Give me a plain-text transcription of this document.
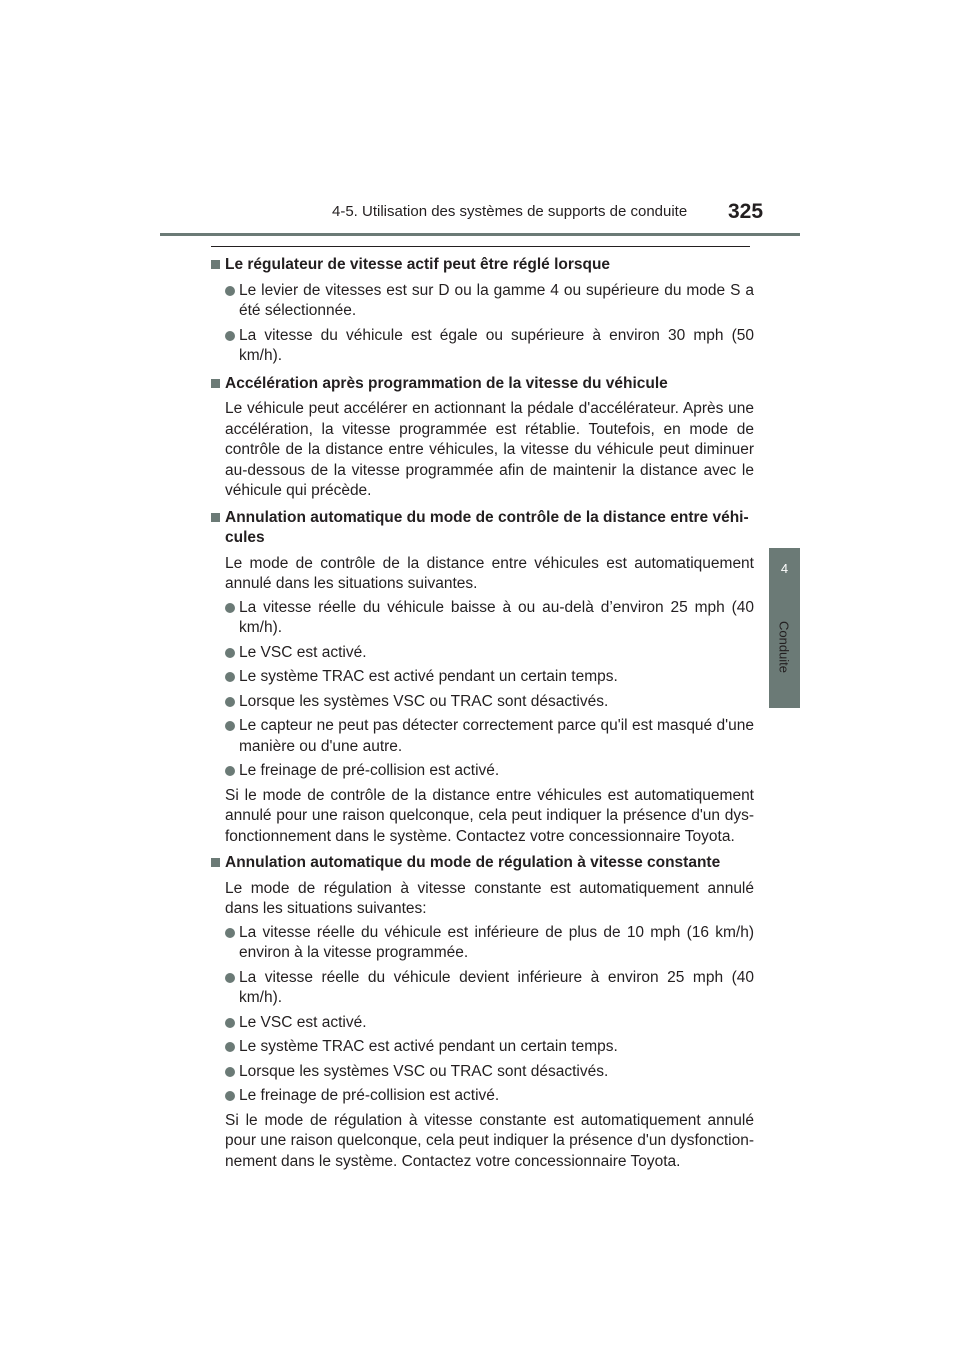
4-5. Utilisation des systèmes de supports de conduite 325
4
Conduite
Le régulateur de vitesse actif peut être réglé lorsque
Le levier de vitesses est sur D ou la gamme 4 ou supérieure du mode S a été sélectionnée.
La vitesse du véhicule est égale ou supérieure à environ 30 mph (50 km/h).
Accélération après programmation de la vitesse du véhicule
Le véhicule peut accélérer en actionnant la pédale d'accélérateur. Après une accélération, la vitesse programmée est rétablie. Toutefois, en mode de contrôle de la distance entre véhicules, la vitesse du véhicule peut diminuer au-dessous de la vitesse programmée afin de maintenir la distance avec le véhicule qui précède.
Annulation automatique du mode de contrôle de la distance entre véhi- cules
Le mode de contrôle de la distance entre véhicules est automatiquement annulé dans les situations suivantes.
La vitesse réelle du véhicule baisse à ou au-delà d’environ 25 mph (40 km/h).
Le VSC est activé.
Le système TRAC est activé pendant un certain temps.
Lorsque les systèmes VSC ou TRAC sont désactivés.
Le capteur ne peut pas détecter correctement parce qu'il est masqué d'une manière ou d'une autre.
Le freinage de pré-collision est activé.
Si le mode de contrôle de la distance entre véhicules est automatiquement annulé pour une raison quelconque, cela peut indiquer la présence d'un dys- fonctionnement dans le système. Contactez votre concessionnaire Toyota.
Annulation automatique du mode de régulation à vitesse constante
Le mode de régulation à vitesse constante est automatiquement annulé dans les situations suivantes:
La vitesse réelle du véhicule est inférieure de plus de 10 mph (16 km/h) environ à la vitesse programmée.
La vitesse réelle du véhicule devient inférieure à environ 25 mph (40 km/h).
Le VSC est activé.
Le système TRAC est activé pendant un certain temps.
Lorsque les systèmes VSC ou TRAC sont désactivés.
Le freinage de pré-collision est activé.
Si le mode de régulation à vitesse constante est automatiquement annulé pour une raison quelconque, cela peut indiquer la présence d'un dysfonction- nement dans le système. Contactez votre concessionnaire Toyota.
